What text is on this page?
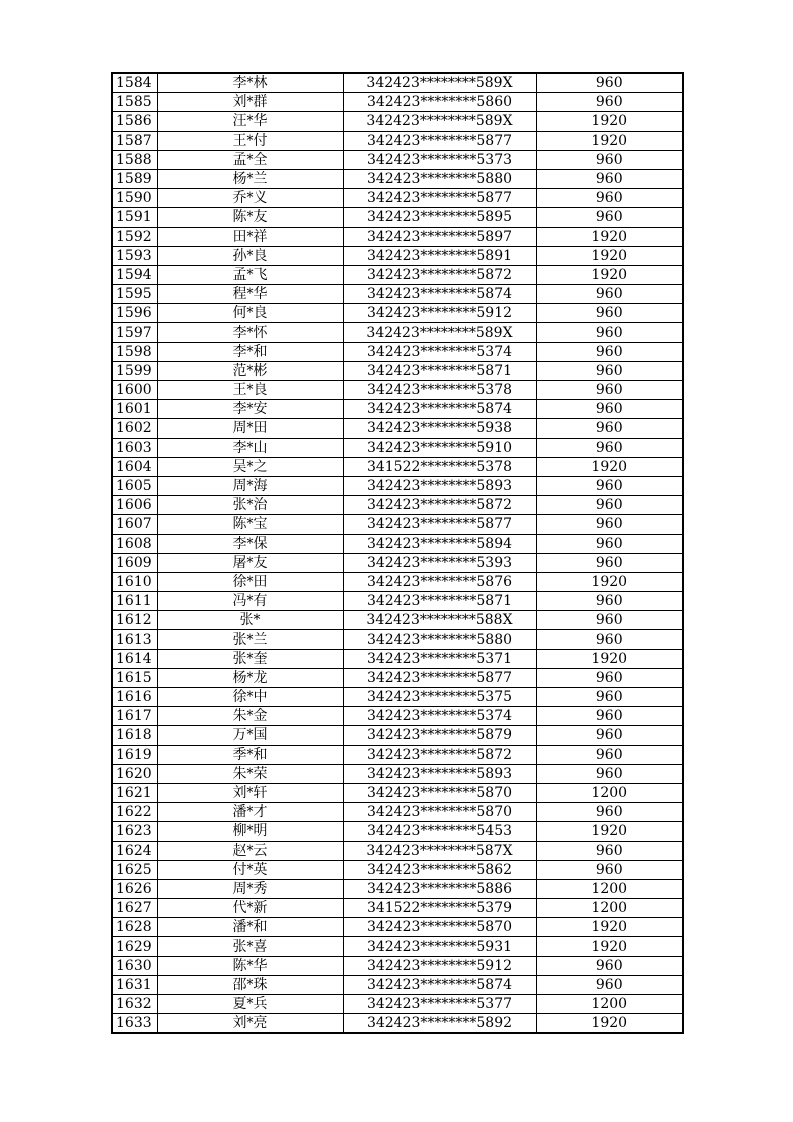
1584	李*林	342423********589X	960
1585	刘*群	342423********5860	960
1586	汪*华	342423********589X	1920
1587	王*付	342423********5877	1920
1588	孟*全	342423********5373	960
1589	杨*兰	342423********5880	960
1590	乔*义	342423********5877	960
1591	陈*友	342423********5895	960
1592	田*祥	342423********5897	1920
1593	孙*良	342423********5891	1920
1594	孟*飞	342423********5872	1920
1595	程*华	342423********5874	960
1596	何*良	342423********5912	960
1597	李*怀	342423********589X	960
1598	李*和	342423********5374	960
1599	范*彬	342423********5871	960
1600	王*良	342423********5378	960
1601	李*安	342423********5874	960
1602	周*田	342423********5938	960
1603	李*山	342423********5910	960
1604	吴*之	341522********5378	1920
1605	周*海	342423********5893	960
1606	张*治	342423********5872	960
1607	陈*宝	342423********5877	960
1608	李*保	342423********5894	960
1609	屠*友	342423********5393	960
1610	徐*田	342423********5876	1920
1611	冯*有	342423********5871	960
1612	张*	342423********588X	960
1613	张*兰	342423********5880	960
1614	张*奎	342423********5371	1920
1615	杨*龙	342423********5877	960
1616	徐*中	342423********5375	960
1617	朱*金	342423********5374	960
1618	万*国	342423********5879	960
1619	季*和	342423********5872	960
1620	朱*荣	342423********5893	960
1621	刘*轩	342423********5870	1200
1622	潘*才	342423********5870	960
1623	柳*明	342423********5453	1920
1624	赵*云	342423********587X	960
1625	付*英	342423********5862	960
1626	周*秀	342423********5886	1200
1627	代*新	341522********5379	1200
1628	潘*和	342423********5870	1920
1629	张*喜	342423********5931	1920
1630	陈*华	342423********5912	960
1631	邵*珠	342423********5874	960
1632	夏*兵	342423********5377	1200
1633	刘*亮	342423********5892	1920
